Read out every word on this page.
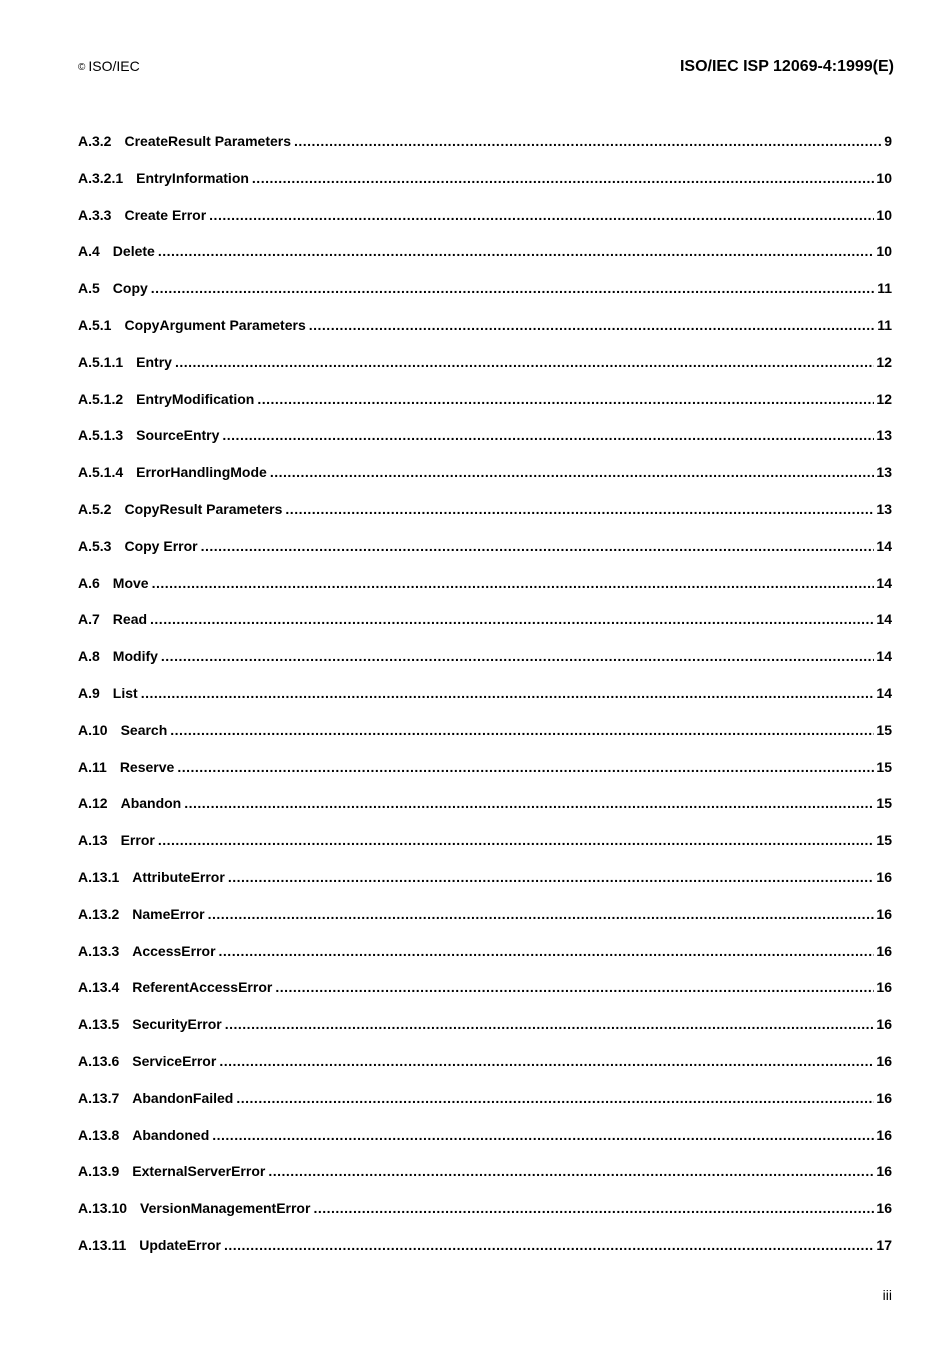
© ISO/IEC	ISO/IEC ISP 12069-4:1999(E)
A.3.2 CreateResult Parameters .....	9
A.3.2.1 EntryInformation .....	10
A.3.3 Create Error .....	10
A.4 Delete .....	10
A.5 Copy .....	11
A.5.1 CopyArgument Parameters .....	11
A.5.1.1 Entry .....	12
A.5.1.2 EntryModification .....	12
A.5.1.3 SourceEntry .....	13
A.5.1.4 ErrorHandlingMode .....	13
A.5.2 CopyResult Parameters .....	13
A.5.3 Copy Error .....	14
A.6 Move .....	14
A.7 Read .....	14
A.8 Modify .....	14
A.9 List .....	14
A.10 Search .....	15
A.11 Reserve .....	15
A.12 Abandon .....	15
A.13 Error .....	15
A.13.1 AttributeError .....	16
A.13.2 NameError .....	16
A.13.3 AccessError .....	16
A.13.4 ReferentAccessError .....	16
A.13.5 SecurityError .....	16
A.13.6 ServiceError .....	16
A.13.7 AbandonFailed .....	16
A.13.8 Abandoned .....	16
A.13.9 ExternalServerError .....	16
A.13.10 VersionManagementError .....	16
A.13.11 UpdateError .....	17
iii
